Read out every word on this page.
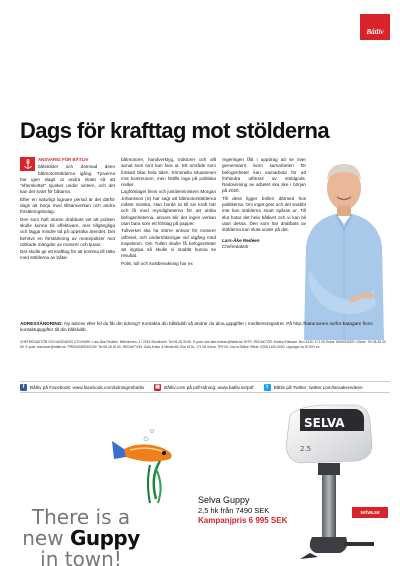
Båtliv
Dags för krafttag mot stölderna

ANSVARIG FÖR BÅTLIV

båtstölder och dömnad deen båtmotorstölderna igång. Tjuverna har igen slagit ut andra slutet så att "efterskottet" sjunker under vintern, och det kan det svärt för båtarna.

Efter en naturligt lugnare period är det därför dags att börja med tillsamverkan och andra försäkringsbolag.

Den som haft oturen drabbats vet att polisen skulle kunna bli effektivare, mer tillgängliga och lägga mindre tid på uppsöka ärendet. Det behövs en förstärkning av motorpoliser mot utökade mängder av motorer och tjuvar.

Det skulle ge ett krafttag för att komma till rätta med stölderna av båtar.

båtmotorer, handverktyg, traktorer och allt annat som tunt kan fara ut. Ett område som fortsatt ökar hela tiden. Kriminella situationen mot kommunen, men hittills inga på politiska nivåer.

Lagförslaget finns och justitieministern Morgan Johansson (S) har sagt att båtmotorstölderna måste minska. Han borde ta till sin kraft här och få med myndigheterna för att utöka befogenheterna, annars blir det ingen verkan utan bara som ett förslag på papper.

Tullverket ska ha större ansvar för motorer utförsel, och undersökningar vid utgång med inspektion. Om Tullen skulle få befogenheter att ingripa så skulle vi snabbt kunna se resultat.

Polis, tull och kustbevakning har ex

regeringen fått i uppdrag att se över gemensamt inom samarbeten för befogenheter kan samarbeta för att förhindra utförsel av stöldgods. Redovisning av arbetet ska ske i början på 2020.

Till dess ligger bollen därmed hos politikerna. Om inget görs och det snabbt inte kan stölderna snart spåras ur. Till slut hotar det hela båtlivet och vi kan bli utan dessa. Den som har drabbats av stölderna kan sluta under på det.

Lars-Åke Redéen
Chefredaktör
ADRESSÄNDRING: Ny adress eller fel du får din tidning? Kontakta din båtklubb så ändrar du dina uppgifter i medlemsregistret. På http://batunionen.se/for-batagare finns kontaktuppgifter till din båtklubb.
CHEFREDAKTÖR OCH ANSVARIG UTGIVARE: Lars-Åke Redéen, Båtunionen, 4 / 2018 Stockholm. Tel 08-28 30 60. E-post: lars-ake.redeen@batliv.se. BITR. REDAKTÖR: Annika Eriksson. Box 6130, 171 06 Solna. ANNONSER: Sönke. Tel 08-28 30 60. E-post: annonser@batliv.se. PRENUMERATION: Tel 08-28 30 60. REDAKTION: Gaïa Kultur & Media AB, Box 6130, 171 06 Solna. TRYCK: Norra Skåne Offset. ISSN 1100-0000. Upplaga: ca 50 000 ex.
f	Båtliv på Facebook: www.facebook.com/tidningenbatliv ▣ Båtliv.com på pdf-tidning: www.batliv.se/pdf	t	Båtliv på Twitter: twitter.com/larsakeredeen
SELVA
2.5
There is a
new Guppy
in town!
Selva Guppy
2,5 hk från 7490 SEK
Kampanjpris 6 995 SEK
selva.se
